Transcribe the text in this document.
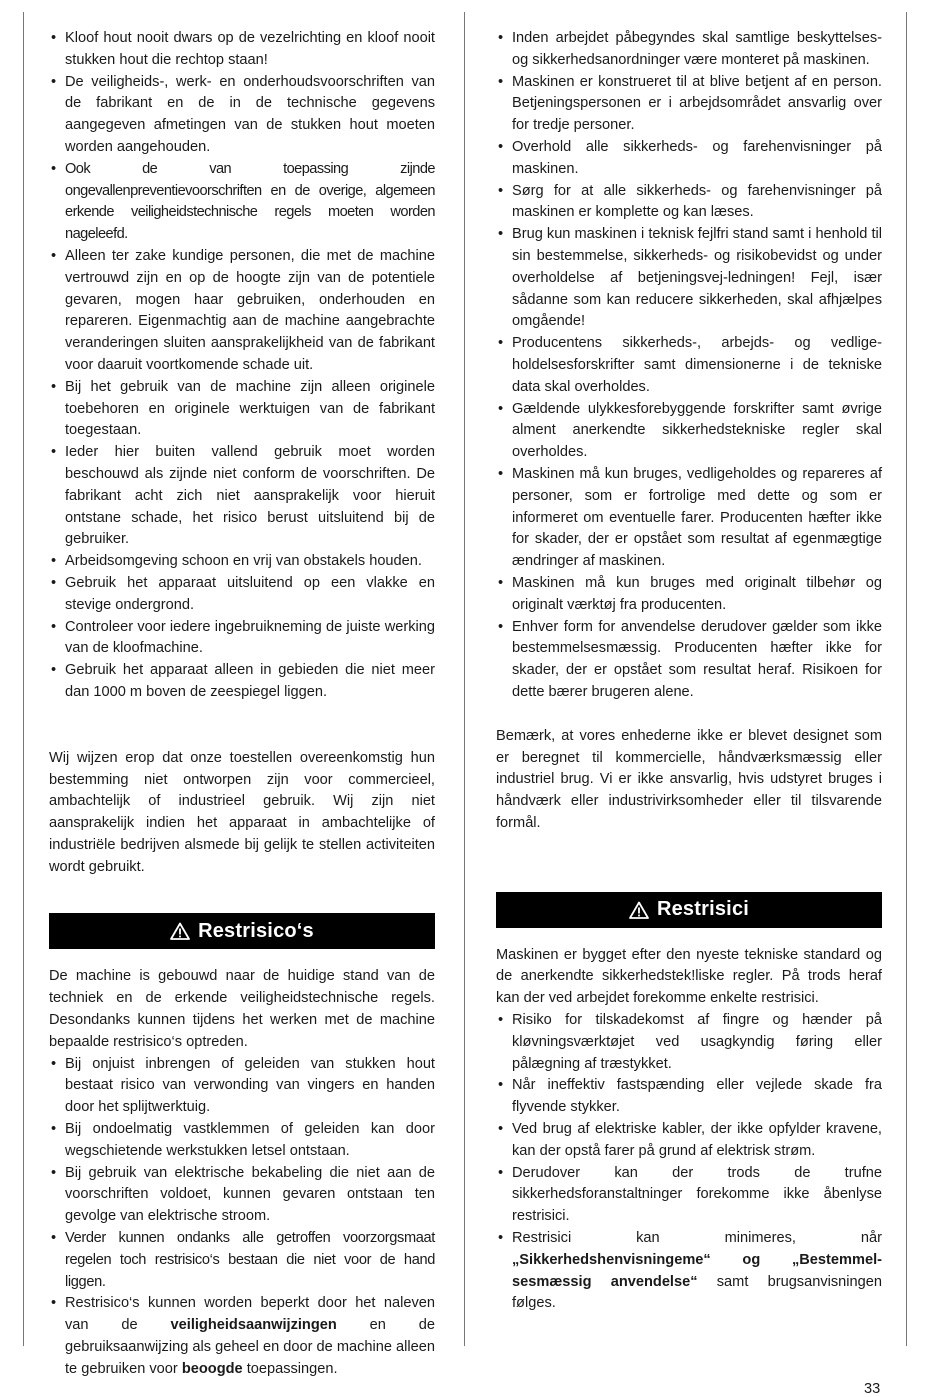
• Kloof hout nooit dwars op de vezelrichting en kloof nooit stukken hout die rechtop staan!
• De veiligheids-, werk- en onderhoudsvoorschriften van de fabrikant en de in de technische gegevens aangegeven afmetingen van de stukken hout moeten worden aangehouden.
• Ook de van toepassing zijnde ongevallenpreventievoorschriften en de overige, algemeen erkende veiligheidstechnische regels moeten worden nageleefd.
• Alleen ter zake kundige personen, die met de machine vertrouwd zijn en op de hoogte zijn van de potentiele gevaren, mogen haar gebruiken, onderhouden en repareren. Eigenmachtig aan de machine aangebrachte veranderingen sluiten aansprakelijkheid van de fabrikant voor daaruit voortkomende schade uit.
• Bij het gebruik van de machine zijn alleen originele toebehoren en originele werktuigen van de fabrikant toegestaan.
• Ieder hier buiten vallend gebruik moet worden beschouwd als zijnde niet conform de voorschriften. De fabrikant acht zich niet aansprakelijk voor hieruit ontstane schade, het risico berust uitsluitend bij de gebruiker.
• Arbeidsomgeving schoon en vrij van obstakels houden.
• Gebruik het apparaat uitsluitend op een vlakke en stevige ondergrond.
• Controleer voor iedere ingebruikneming de juiste werking van de kloofmachine.
• Gebruik het apparaat alleen in gebieden die niet meer dan 1000 m boven de zeespiegel liggen.

Wij wijzen erop dat onze toestellen overeenkomstig hun bestemming niet ontworpen zijn voor commercieel, ambachtelijk of industrieel gebruik. Wij zijn niet aansprakelijk indien het apparaat in ambachtelijke of industriële bedrijven alsmede bij gelijk te stellen activiteiten wordt gebruikt.

Restrisico‘s

De machine is gebouwd naar de huidige stand van de techniek en de erkende veiligheidstechnische regels. Desondanks kunnen tijdens het werken met de machine bepaalde restrisico‘s optreden.

• Bij onjuist inbrengen of geleiden van stukken hout bestaat risico van verwonding van vingers en handen door het splijtwerktuig.
• Bij ondoelmatig vastklemmen of geleiden kan door wegschietende werkstukken letsel ontstaan.
• Bij gebruik van elektrische bekabeling die niet aan de voorschriften voldoet, kunnen gevaren ontstaan ten gevolge van elektrische stroom.
• Verder kunnen ondanks alle getroffen voorzorgsmaat regelen toch restrisico‘s bestaan die niet voor de hand liggen.
• Restrisico‘s kunnen worden beperkt door het naleven van de veiligheidsaanwijzingen en de gebruiksaanwijzing als geheel en door de machine alleen te gebruiken voor beoogde toepassingen.
• Inden arbejdet påbegyndes skal samtlige beskyttelses- og sikkerhedsanordninger være monteret på maskinen.
• Maskinen er konstrueret til at blive betjent af en person. Betjeningspersonen er i arbejdsområdet ansvarlig over for tredje personer.
• Overhold alle sikkerheds- og farehenvisninger på maskinen.
• Sørg for at alle sikkerheds- og farehenvisninger på maskinen er komplette og kan læses.
• Brug kun maskinen i teknisk fejlfri stand samt i henhold til sin bestemmelse, sikkerheds- og risikobevidst og under overholdelse af betjeningsvej-ledningen! Fejl, især sådanne som kan reducere sikkerheden, skal afhjælpes omgående!
• Producentens sikkerheds-, arbejds- og vedlige-holdelsesforskrifter samt dimensionerne i de tekniske data skal overholdes.
• Gældende ulykkesforebyggende forskrifter samt øvrige alment anerkendte sikkerhedstekniske regler skal overholdes.
• Maskinen må kun bruges, vedligeholdes og repareres af personer, som er fortrolige med dette og som er informeret om eventuelle farer. Producenten hæfter ikke for skader, der er opstået som resultat af egenmægtige ændringer af maskinen.
• Maskinen må kun bruges med originalt tilbehør og originalt værktøj fra producenten.
• Enhver form for anvendelse derudover gælder som ikke bestemmelsesmæssig. Producenten hæfter ikke for skader, der er opstået som resultat heraf. Risikoen for dette bærer brugeren alene.

Bemærk, at vores enhederne ikke er blevet designet som er beregnet til kommercielle, håndværksmæssig eller industriel brug. Vi er ikke ansvarlig, hvis udstyret bruges i håndværk eller industrivirksomheder eller til tilsvarende formål.

Restrisici

Maskinen er bygget efter den nyeste tekniske standard og de anerkendte sikkerhedstek!liske regler. På trods heraf kan der ved arbejdet forekomme enkelte restrisici.

• Risiko for tilskadekomst af fingre og hænder på kløvningsværktøjet ved usagkyndig føring eller pålægning af træstykket.
• Når ineffektiv fastspænding eller vejlede skade fra flyvende stykker.
• Ved brug af elektriske kabler, der ikke opfylder kravene, kan der opstå farer på grund af elektrisk strøm.
• Derudover kan der trods de trufne sikkerhedsforanstaltninger forekomme ikke åbenlyse restrisici.
• Restrisici kan minimeres, når „Sikkerhedshenvisningeme“ og „Bestemmel-sesmæssig anvendelse“ samt brugsanvisningen følges.
33
